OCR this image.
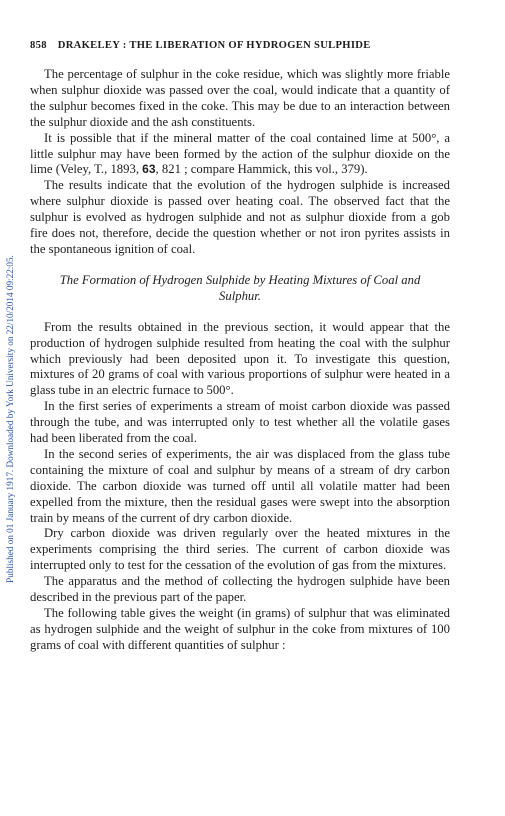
Published on 01 January 1917. Downloaded by York University on 22/10/2014 09:22:05.
858 DRAKELEY : THE LIBERATION OF HYDROGEN SULPHIDE

The percentage of sulphur in the coke residue, which was slightly more friable when sulphur dioxide was passed over the coal, would indicate that a quantity of the sulphur becomes fixed in the coke. This may be due to an interaction between the sulphur dioxide and the ash constituents.

It is possible that if the mineral matter of the coal contained lime at 500°, a little sulphur may have been formed by the action of the sulphur dioxide on the lime (Veley, T., 1893, 63, 821 ; compare Hammick, this vol., 379).

The results indicate that the evolution of the hydrogen sulphide is increased where sulphur dioxide is passed over heating coal. The observed fact that the sulphur is evolved as hydrogen sulphide and not as sulphur dioxide from a gob fire does not, therefore, decide the question whether or not iron pyrites assists in the spontaneous ignition of coal.

The Formation of Hydrogen Sulphide by Heating Mixtures of Coal and Sulphur.

From the results obtained in the previous section, it would appear that the production of hydrogen sulphide resulted from heating the coal with the sulphur which previously had been deposited upon it. To investigate this question, mixtures of 20 grams of coal with various proportions of sulphur were heated in a glass tube in an electric furnace to 500°.

In the first series of experiments a stream of moist carbon dioxide was passed through the tube, and was interrupted only to test whether all the volatile gases had been liberated from the coal.

In the second series of experiments, the air was displaced from the glass tube containing the mixture of coal and sulphur by means of a stream of dry carbon dioxide. The carbon dioxide was turned off until all volatile matter had been expelled from the mixture, then the residual gases were swept into the absorption train by means of the current of dry carbon dioxide.

Dry carbon dioxide was driven regularly over the heated mixtures in the experiments comprising the third series. The current of carbon dioxide was interrupted only to test for the cessation of the evolution of gas from the mixtures.

The apparatus and the method of collecting the hydrogen sulphide have been described in the previous part of the paper.

The following table gives the weight (in grams) of sulphur that was eliminated as hydrogen sulphide and the weight of sulphur in the coke from mixtures of 100 grams of coal with different quantities of sulphur :
